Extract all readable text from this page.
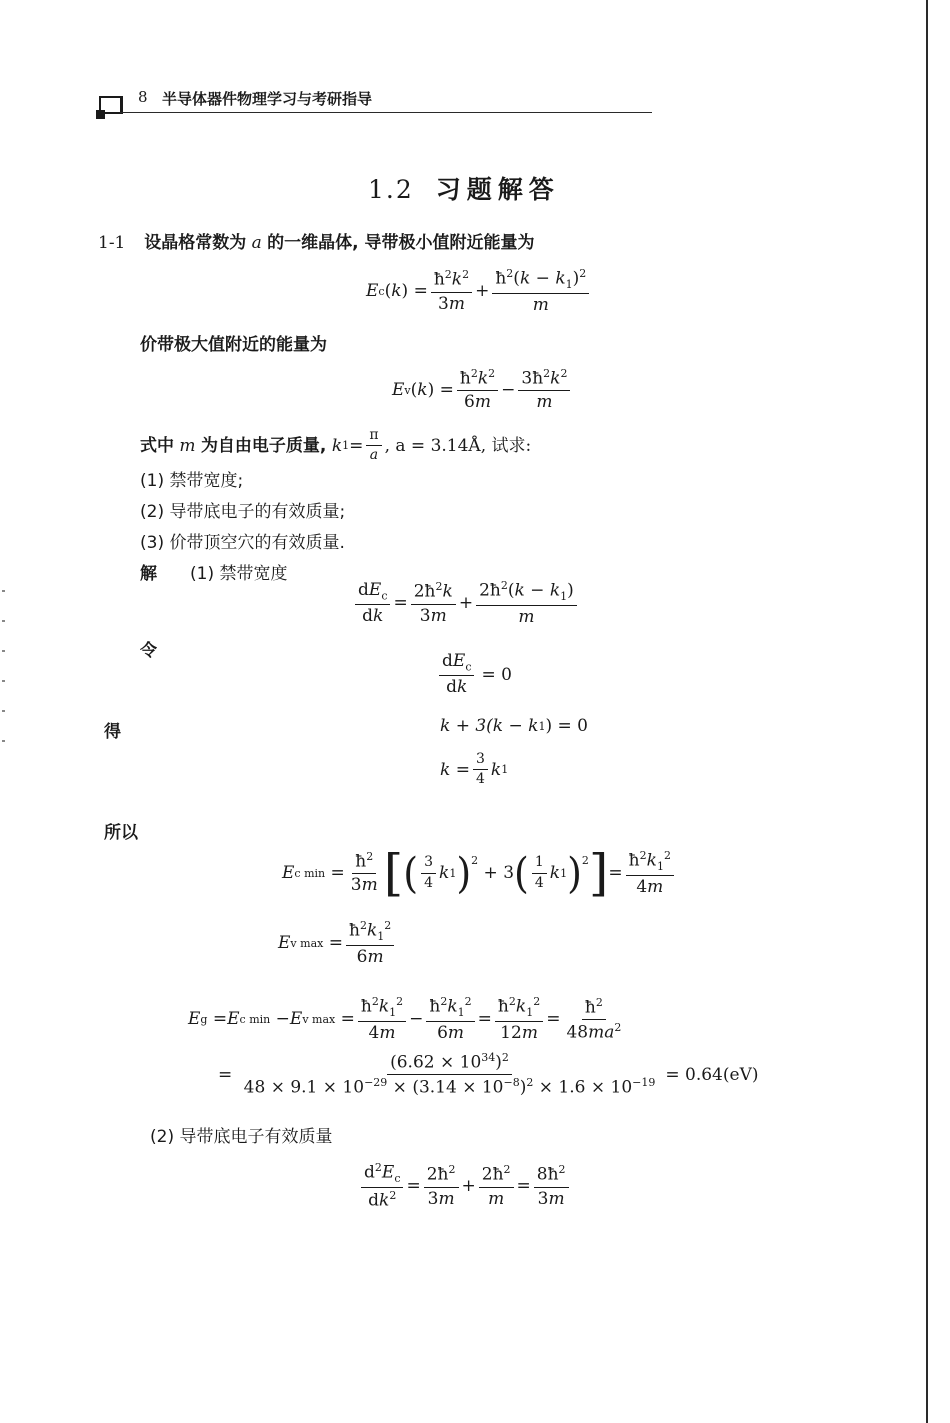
8 半导体器件物理学习与考研指导
1.2 习题解答
1-1 设晶格常数为 a 的一维晶体, 导带极小值附近能量为
E c ( k ) = $\frac{ħ^2k^2}{3m} + \frac{ħ^2(k - k_1)^2}{m}$
价带极大值附近的能量为
E v ( k ) = $\frac{ħ^2k^2}{6m} - \frac{3ħ^2k^2}{m}$
式中 m 为自由电子质量, k $1 = \frac{\pi}{a}$ , a = 3.14Å, 试求:
(1) 禁带宽度;
(2) 导带底电子的有效质量;
(3) 价带顶空穴的有效质量.
解 (1) 禁带宽度
$\frac{dE_c}{dk} = \frac{2ħ^2k}{3m} + \frac{2ħ^2(k - k_1)}{m}$
令
$\frac{dE_c}{dk} = 0$
得	k + 3(k − k 1 ) = 0
$k = \frac{3}{4}$ k 1
所以
E c $\min = \frac{ħ^2}{3m}$ [ ( $\frac{3}{4}$ k 1 )$^2$
+ 3 ( $\frac{1}{4}$ k 1 )$^2$ ] = $\frac{ħ^2k_1^2}{4m}$
E v $\max = \frac{ħ^2k_1^2}{6m}$
E g = E c min − E v $\max = \frac{ħ^2k_1^2}{4m} - \frac{ħ^2k_1^2}{6m} = \frac{ħ^2k_1^2}{12m} = \frac{ħ^2}{48ma^2}$
= $\frac{(6.62 \times 10^{34})^2}{48 \times 9.1 \times 10^{-29} \times (3.14 \times 10^{-8})^2 \times 1.6 \times 10^{-19}} = 0.64(eV)$
(2) 导带底电子有效质量
$\frac{d^2E_c}{dk^2} = \frac{2ħ^2}{3m} + \frac{2ħ^2}{m} = \frac{8ħ^2}{3m}$
